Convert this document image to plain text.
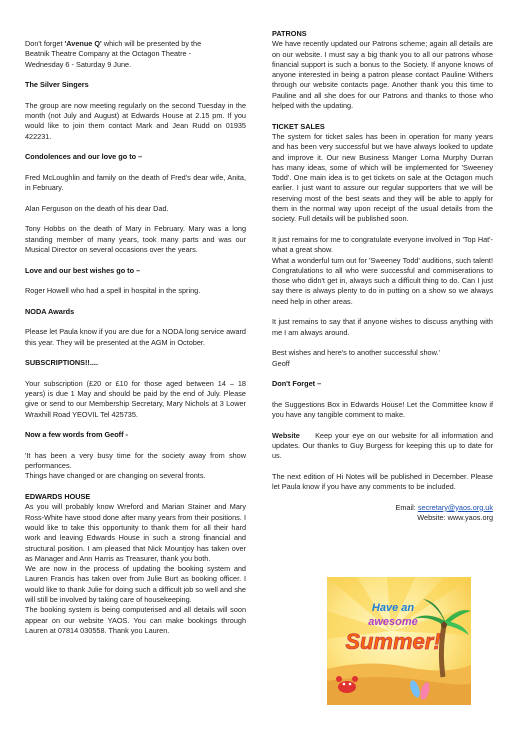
Don't forget 'Avenue Q' which will be presented by the

Beatnik Theatre Company at the Octagon Theatre -

Wednesday 6 - Saturday 9 June.

The Silver Singers

The group are now meeting regularly on the second Tuesday in the month (not July and August) at Edwards House at 2.15 pm. If you would like to join them contact Mark and Jean Rudd on 01935 422231.

Condolences and our love go to –

Fred McLoughlin and family on the death of Fred's dear wife, Anita, in February.

Alan Ferguson on the death of his dear Dad.

Tony Hobbs on the death of Mary in February. Mary was a long standing member of many years, took many parts and was our Musical Director on several occasions over the years.

Love and our best wishes go to –

Roger Howell who had a spell in hospital in the spring.

NODA Awards

Please let Paula know if you are due for a NODA long service award this year. They will be presented at the AGM in October.

SUBSCRIPTIONS!!....

Your subscription (£20 or £10 for those aged between 14 – 18 years) is due 1 May and should be paid by the end of July. Please give or send to our Membership Secretary, Mary Nichols at 3 Lower Wraxhill Road YEOVIL Tel 425735.

Now a few words from Geoff -

'It has been a very busy time for the society away from show performances.

Things have changed or are changing on several fronts.

EDWARDS HOUSE

As you will probably know Wreford and Marian Stainer and Mary Ross-White have stood done after many years from their positions. I would like to take this opportunity to thank them for all their hard work and leaving Edwards House in such a strong financial and structural position. I am pleased that Nick Mountjoy has taken over as Manager and Ann Harris as Treasurer, thank you both.

We are now in the process of updating the booking system and Lauren Francis has taken over from Julie Burt as booking officer. I would like to thank Julie for doing such a difficult job so well and she will still be involved by taking care of housekeeping.

The booking system is being computerised and all details will soon appear on our website YAOS. You can make bookings through Lauren at 07814 030558. Thank you Lauren.

PATRONS

We have recently updated our Patrons scheme; again all details are on our website. I must say a big thank you to all our patrons whose financial support is such a bonus to the Society. If anyone knows of anyone interested in being a patron please contact Pauline Withers through our website contacts page. Another thank you this time to Pauline and all she does for our Patrons and thanks to those who helped with the updating.

TICKET SALES

The system for ticket sales has been in operation for many years and has been very successful but we have always looked to update and improve it. Our new Business Manger Lorna Murphy Durran has many ideas, some of which will be implemented for 'Sweeney Todd'. One main idea is to get tickets on sale at the Octagon much earlier. I just want to assure our regular supporters that we will be reserving most of the best seats and they will be able to apply for them in the normal way upon receipt of the usual details from the society. Full details will be published soon.

It just remains for me to congratulate everyone involved in 'Top Hat'- what a great show.

What a wonderful turn out for 'Sweeney Todd' auditions, such talent! Congratulations to all who were successful and commiserations to those who didn't get in, always such a difficult thing to do. Can I just say there is always plenty to do in putting on a show so we always need help in other areas.

It just remains to say that if anyone wishes to discuss anything with me I am always around.

Best wishes and here's to another successful show.'

Geoff

Don't Forget –

the Suggestions Box in Edwards House! Let the Committee know if you have any tangible comment to make.

Website Keep your eye on our website for all information and updates. Our thanks to Guy Burgess for keeping this up to date for us.

The next edition of Hi Notes will be published in December. Please let Paula know if you have any comments to be included.

Email: secretary@yaos.org.uk

Website: www.yaos.org

Have an
awesome
Summer!
